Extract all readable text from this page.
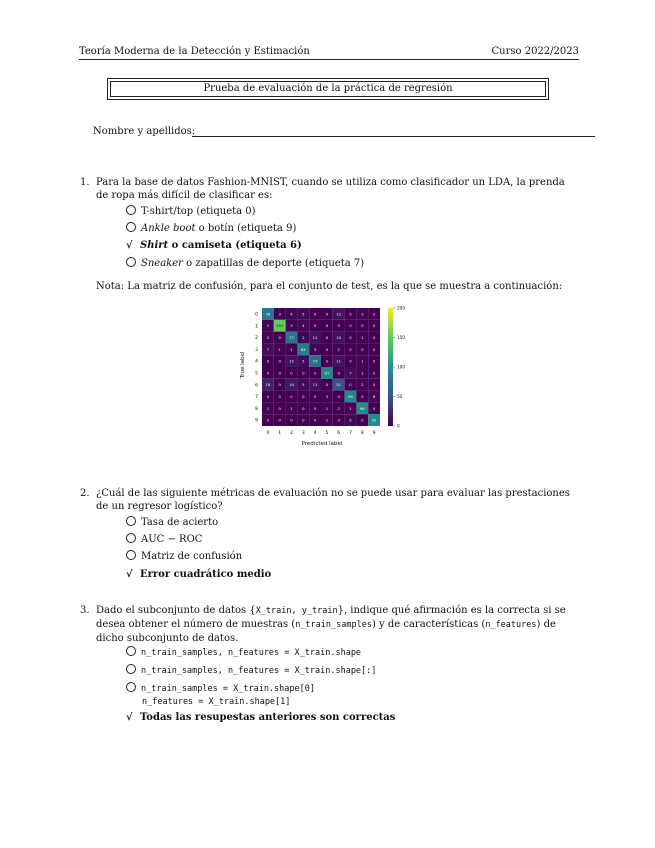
Teoría Moderna de la Detección y Estimación	Curso 2022/2023
Prueba de evaluación de la práctica de regresión
Nombre y apellidos:
1. Para la base de datos Fashion-MNIST, cuando se utiliza como clasificador un LDA, la prenda de ropa más difícil de clasificar es:
T-shirt/top (etiqueta 0)
Ankle boot o botín (etiqueta 9)
√ Shirt o camiseta (etiqueta 6)
Sneaker o zapatillas de deporte (etiqueta 7)
Nota: La matriz de confusión, para el conjunto de test, es la que se muestra a continuación:
78 3 4 5 0 0 12 0 3 0
1 151 3 4 0 0 0 0 0 0
2 0 77 2 11 0 10 0 1 0
7 1 1 84 3 0 2 0 0 0
0 0 12 5 73 0 11 0 1 0
0 0 0 0 0 91 0 7 1 2
18 0 14 5 11 0 51 0 2 0
0 0 0 0 0 3 0 94 0 6
1 0 1 0 0 1 2 1 96 0
0 0 0 0 0 1 0 5 0 95
0 1 2 3 4 5 6 7 8 9
0
1
2
3
4
5
6
7
8
9
Predicted label
True label
0
50
100
150
200
2. ¿Cuál de las siguiente métricas de evaluación no se puede usar para evaluar las prestaciones de un regresor logístico?
Tasa de acierto
AUC − ROC
Matriz de confusión
√ Error cuadrático medio
3. Dado el subconjunto de datos {X_train, y_train}, indique qué afirmación es la correcta si se desea obtener el número de muestras (n_train_samples) y de características (n_features) de dicho subconjunto de datos.
n_train_samples, n_features = X_train.shape
n_train_samples, n_features = X_train.shape[:]
n_train_samples = X_train.shape[0]
n_features = X_train.shape[1]
√ Todas las resupestas anteriores son correctas
